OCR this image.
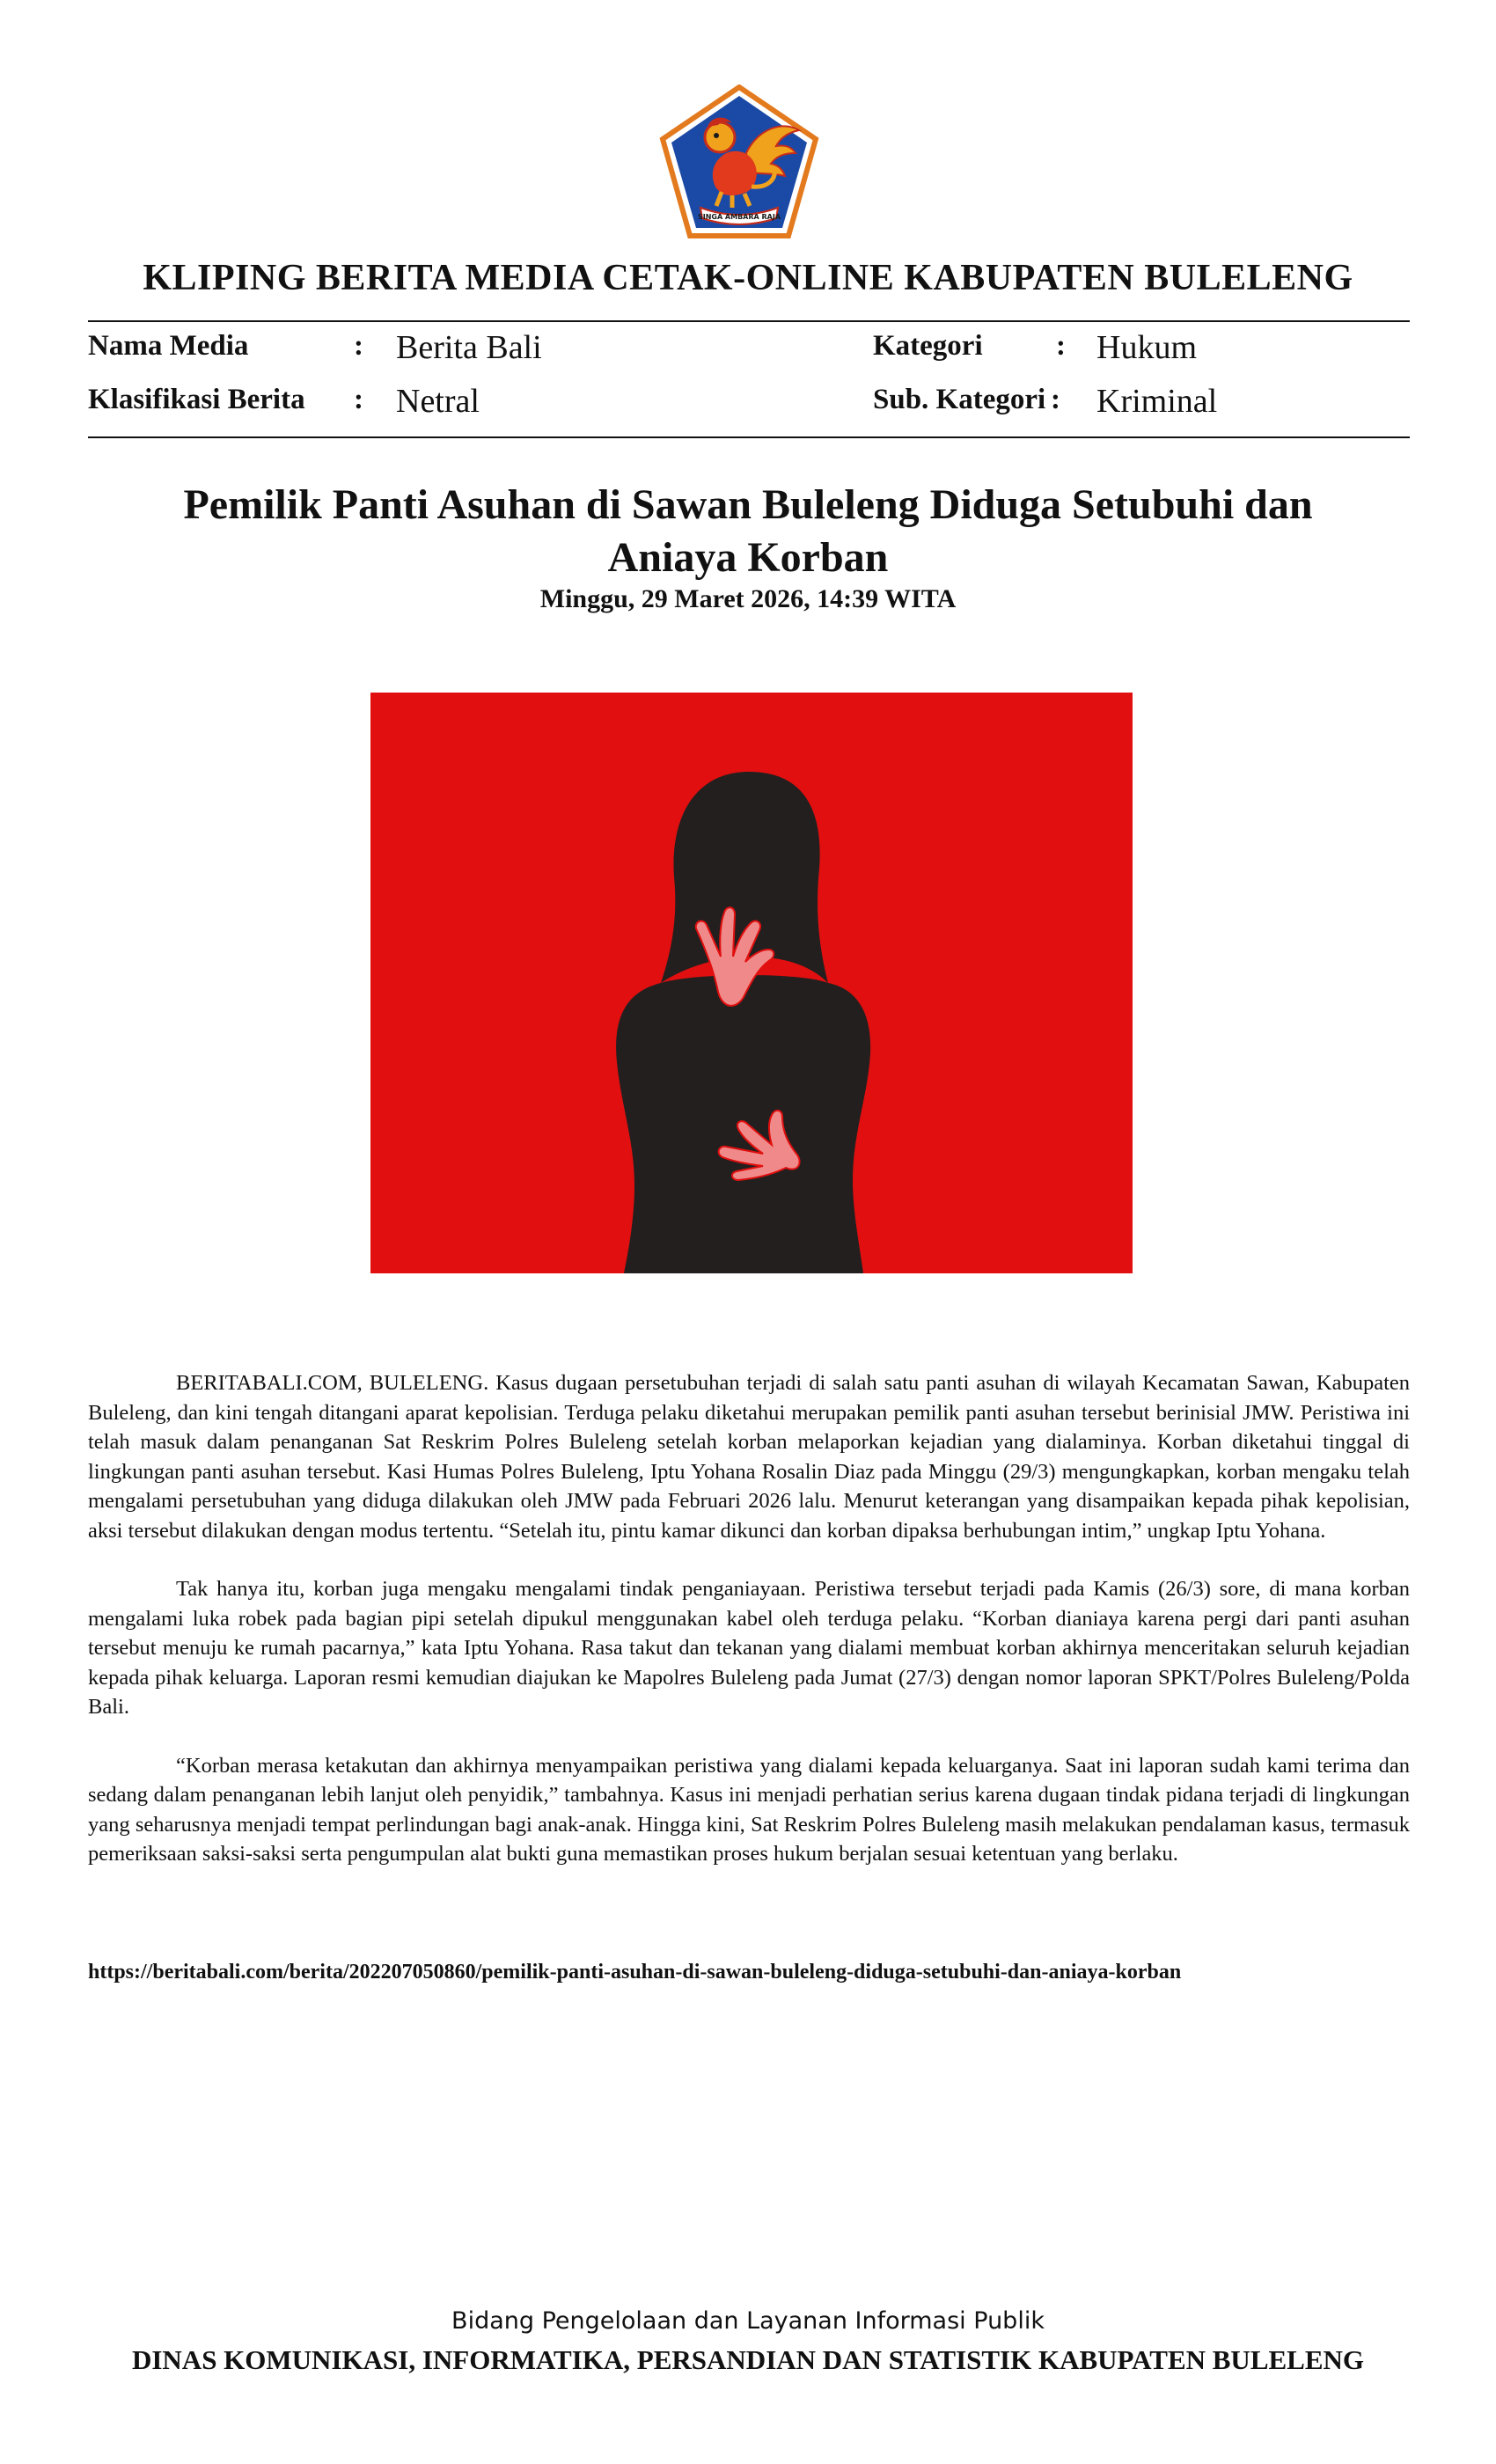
SINGA AMBARA RAJA
KLIPING BERITA MEDIA CETAK-ONLINE KABUPATEN BULELENG
Nama Media	: Berita Bali
Klasifikasi Berita : Netral
Kategori	: Hukum
Sub. Kategori : Kriminal
Pemilik Panti Asuhan di Sawan Buleleng Diduga Setubuhi dan Aniaya Korban
Minggu, 29 Maret 2026, 14:39 WITA

BERITABALI.COM, BULELENG. Kasus dugaan persetubuhan terjadi di salah satu panti asuhan di wilayah Kecamatan Sawan, Kabupaten Buleleng, dan kini tengah ditangani aparat kepolisian. Terduga pelaku diketahui merupakan pemilik panti asuhan tersebut berinisial JMW. Peristiwa ini telah masuk dalam penanganan Sat Reskrim Polres Buleleng setelah korban melaporkan kejadian yang dialaminya. Korban diketahui tinggal di lingkungan panti asuhan tersebut. Kasi Humas Polres Buleleng, Iptu Yohana Rosalin Diaz pada Minggu (29/3) mengungkapkan, korban mengaku telah mengalami persetubuhan yang diduga dilakukan oleh JMW pada Februari 2026 lalu. Menurut keterangan yang disampaikan kepada pihak kepolisian, aksi tersebut dilakukan dengan modus tertentu. “Setelah itu, pintu kamar dikunci dan korban dipaksa berhubungan intim,” ungkap Iptu Yohana.

Tak hanya itu, korban juga mengaku mengalami tindak penganiayaan. Peristiwa tersebut terjadi pada Kamis (26/3) sore, di mana korban mengalami luka robek pada bagian pipi setelah dipukul menggunakan kabel oleh terduga pelaku. “Korban dianiaya karena pergi dari panti asuhan tersebut menuju ke rumah pacarnya,” kata Iptu Yohana. Rasa takut dan tekanan yang dialami membuat korban akhirnya menceritakan seluruh kejadian kepada pihak keluarga. Laporan resmi kemudian diajukan ke Mapolres Buleleng pada Jumat (27/3) dengan nomor laporan SPKT/Polres Buleleng/Polda Bali.

“Korban merasa ketakutan dan akhirnya menyampaikan peristiwa yang dialami kepada keluarganya. Saat ini laporan sudah kami terima dan sedang dalam penanganan lebih lanjut oleh penyidik,” tambahnya. Kasus ini menjadi perhatian serius karena dugaan tindak pidana terjadi di lingkungan yang seharusnya menjadi tempat perlindungan bagi anak-anak. Hingga kini, Sat Reskrim Polres Buleleng masih melakukan pendalaman kasus, termasuk pemeriksaan saksi-saksi serta pengumpulan alat bukti guna memastikan proses hukum berjalan sesuai ketentuan yang berlaku.

https://beritabali.com/berita/202207050860/pemilik-panti-asuhan-di-sawan-buleleng-diduga-setubuhi-dan-aniaya-korban
Bidang Pengelolaan dan Layanan Informasi Publik
DINAS KOMUNIKASI, INFORMATIKA, PERSANDIAN DAN STATISTIK KABUPATEN BULELENG
